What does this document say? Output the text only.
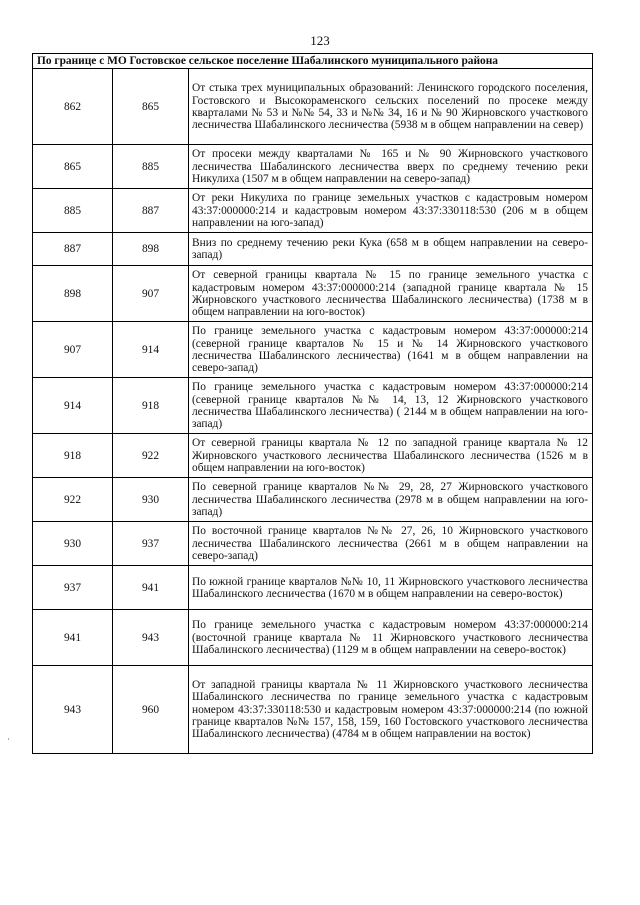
123
По границе с МО Гостовское сельское поселение Шабалинского муниципального района		
862	865	От стыка трех муниципальных образований: Ленинского городского поселения, Гостовского и Высокораменского сельских поселений по просеке между кварталами № 53 и №№ 54, 33 и №№ 34, 16 и № 90 Жирновского участкового лесничества Шабалинского лесничества (5938 м в общем направлении на север)
865	885	От просеки между кварталами № 165 и № 90 Жирновского участкового лесничества Шабалинского лесничества вверх по среднему течению реки Никулиха (1507 м в общем направлении на северо-запад)
885	887	От реки Никулиха по границе земельных участков с кадастровым номером 43:37:000000:214 и кадастровым номером 43:37:330118:530 (206 м в общем направлении на юго-запад)
887	898	Вниз по среднему течению реки Кука (658 м в общем направлении на северо-запад)
898	907	От северной границы квартала № 15 по границе земельного участка с кадастровым номером 43:37:000000:214 (западной границе квартала № 15 Жирновского участкового лесничества Шабалинского лесничества) (1738 м в общем направлении на юго-восток)
907	914	По границе земельного участка с кадастровым номером 43:37:000000:214 (северной границе кварталов № 15 и № 14 Жирновского участкового лесничества Шабалинского лесничества) (1641 м в общем направлении на северо-запад)
914	918	По границе земельного участка с кадастровым номером 43:37:000000:214 (северной границе кварталов №№ 14, 13, 12 Жирновского участкового лесничества Шабалинского лесничества) ( 2144 м в общем направлении на юго-запад)
918	922	От северной границы квартала № 12 по западной границе квартала № 12 Жирновского участкового лесничества Шабалинского лесничества (1526 м в общем направлении на юго-восток)
922	930	По северной границе кварталов №№ 29, 28, 27 Жирновского участкового лесничества Шабалинского лесничества (2978 м в общем направлении на юго-запад)
930	937	По восточной границе кварталов №№ 27, 26, 10 Жирновского участкового лесничества Шабалинского лесничества (2661 м в общем направлении на северо-запад)
937	941	По южной границе кварталов №№ 10, 11 Жирновского участкового лесничества Шабалинского лесничества (1670 м в общем направлении на северо-восток)
941	943	По границе земельного участка с кадастровым номером 43:37:000000:214 (восточной границе квартала № 11 Жирновского участкового лесничества Шабалинского лесничества) (1129 м в общем направлении на северо-восток)
943	960	От западной границы квартала № 11 Жирновского участкового лесничества Шабалинского лесничества по границе земельного участка с кадастровым номером 43:37:330118:530 и кадастровым номером 43:37:000000:214 (по южной границе кварталов №№ 157, 158, 159, 160 Гостовского участкового лесничества Шабалинского лесничества) (4784 м в общем направлении на восток)
·
